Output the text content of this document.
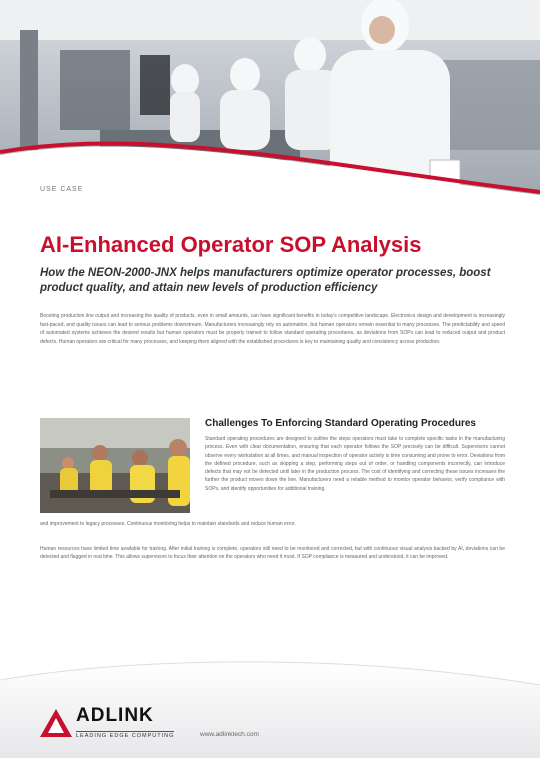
USE CASE
AI-Enhanced Operator SOP Analysis
How the NEON-2000-JNX helps manufacturers optimize operator processes, boost product quality, and attain new levels of production efficiency

Boosting production line output and increasing the quality of products, even in small amounts, can have significant benefits in today's competitive landscape. Electronics design and development is increasingly fast-paced, and quality issues can lead to serious problems downstream. Manufacturers increasingly rely on automation, but human operators remain essential to many processes. The predictability and speed of automated systems achieves the desired results but human operators must be properly trained to follow standard operating procedures, as deviations from SOPs can lead to reduced output and product defects. Human operators are critical for many processes, and keeping them aligned with the established procedures is key to maintaining quality and consistency across production.

Challenges To Enforcing Standard Operating Procedures

Standard operating procedures are designed to outline the steps operators must take to complete specific tasks in the manufacturing process. Even with clear documentation, ensuring that each operator follows the SOP precisely can be difficult. Supervisors cannot observe every workstation at all times, and manual inspection of operator activity is time consuming and prone to error. Deviations from the defined procedure, such as skipping a step, performing steps out of order, or handling components incorrectly, can introduce defects that may not be detected until later in the production process. The cost of identifying and correcting these issues increases the further the product moves down the line. Manufacturers need a reliable method to monitor operator behavior, verify compliance with SOPs, and identify opportunities for additional training.

and improvement to legacy processes. Continuous monitoring helps to maintain standards and reduce human error.

Human resources have limited time available for training. After initial training is complete, operators still need to be monitored and corrected, but with continuous visual analysis backed by AI, deviations can be detected and flagged in real time. This allows supervisors to focus their attention on the operators who need it most. If SOP compliance is measured and understood, it can be improved.

ADLINK
LEADING EDGE COMPUTING	www.adlinktech.com
